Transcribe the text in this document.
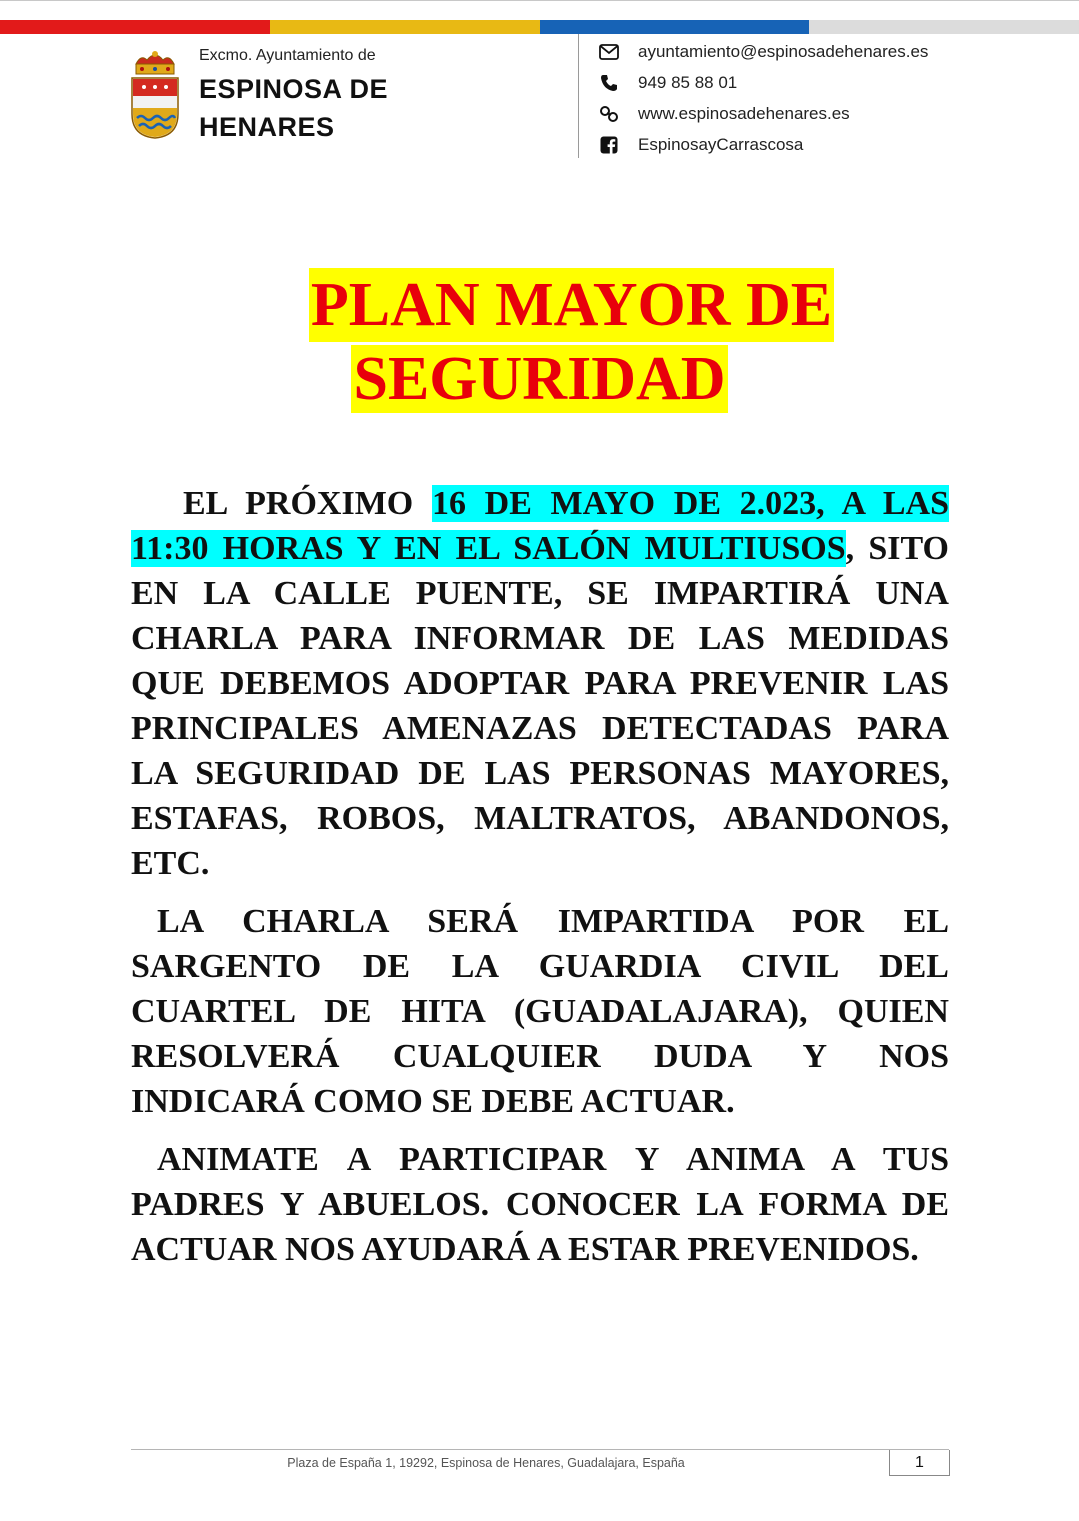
Excmo. Ayuntamiento de
ESPINOSA DE
HENARES
ayuntamiento@espinosadehenares.es
949 85 88 01
www.espinosadehenares.es
EspinosayCarrascosa
PLAN MAYOR DE
SEGURIDAD

EL PRÓXIMO 16 DE MAYO DE 2.023, A LAS 11:30 HORAS Y EN EL SALÓN MULTIUSOS, SITO EN LA CALLE PUENTE, SE IMPARTIRÁ UNA CHARLA PARA INFORMAR DE LAS MEDIDAS QUE DEBEMOS ADOPTAR PARA PREVENIR LAS PRINCIPALES AMENAZAS DETECTADAS PARA LA SEGURIDAD DE LAS PERSONAS MAYORES, ESTAFAS, ROBOS, MALTRATOS, ABANDONOS, ETC.

LA CHARLA SERÁ IMPARTIDA POR EL SARGENTO DE LA GUARDIA CIVIL DEL CUARTEL DE HITA (GUADALAJARA), QUIEN RESOLVERÁ CUALQUIER DUDA Y NOS INDICARÁ COMO SE DEBE ACTUAR.

ANIMATE A PARTICIPAR Y ANIMA A TUS PADRES Y ABUELOS. CONOCER LA FORMA DE ACTUAR NOS AYUDARÁ A ESTAR PREVENIDOS.

Plaza de España 1, 19292, Espinosa de Henares, Guadalajara, España	1
